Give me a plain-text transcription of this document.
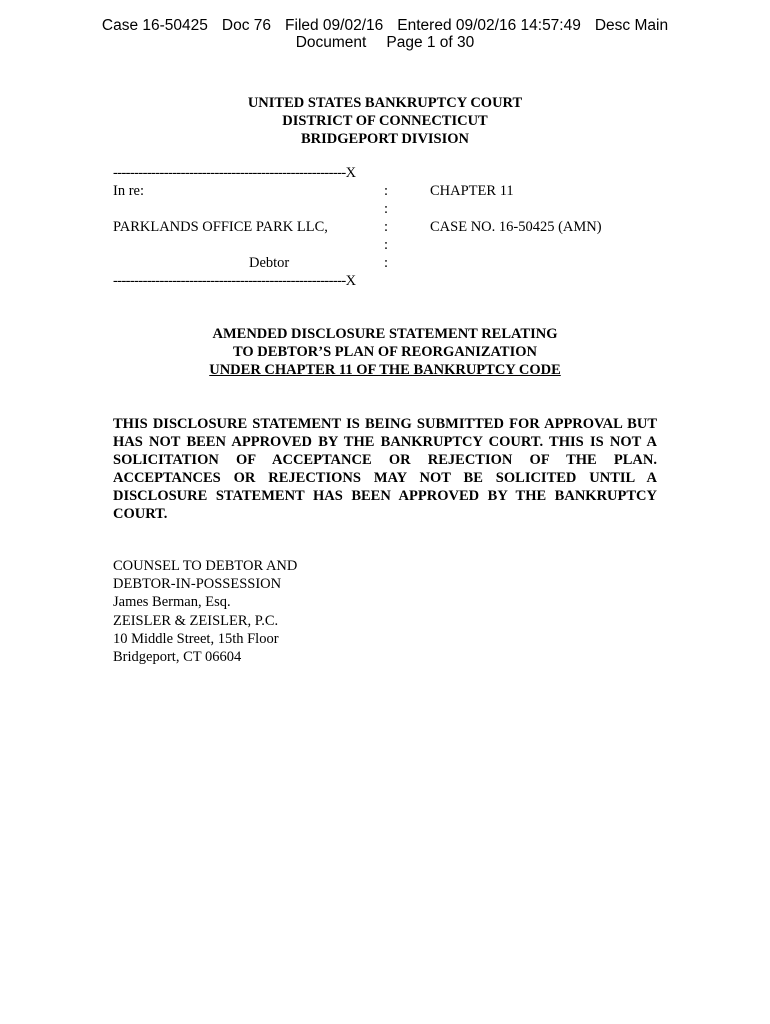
Case 16-50425 Doc 76 Filed 09/02/16 Entered 09/02/16 14:57:49 Desc Main
Document Page 1 of 30
UNITED STATES BANKRUPTCY COURT
DISTRICT OF CONNECTICUT
BRIDGEPORT DIVISION
-------------------------------------------------------X
In re:	:	CHAPTER 11
:
PARKLANDS OFFICE PARK LLC,	:	CASE NO. 16-50425 (AMN)
:
Debtor	:
-------------------------------------------------------X
AMENDED DISCLOSURE STATEMENT RELATING
TO DEBTOR’S PLAN OF REORGANIZATION
UNDER CHAPTER 11 OF THE BANKRUPTCY CODE
THIS DISCLOSURE STATEMENT IS BEING SUBMITTED FOR APPROVAL BUT HAS NOT BEEN APPROVED BY THE BANKRUPTCY COURT. THIS IS NOT A SOLICITATION OF ACCEPTANCE OR REJECTION OF THE PLAN. ACCEPTANCES OR REJECTIONS MAY NOT BE SOLICITED UNTIL A DISCLOSURE STATEMENT HAS BEEN APPROVED BY THE BANKRUPTCY COURT.
COUNSEL TO DEBTOR AND
DEBTOR-IN-POSSESSION
James Berman, Esq.
ZEISLER & ZEISLER, P.C.
10 Middle Street, 15th Floor
Bridgeport, CT 06604
